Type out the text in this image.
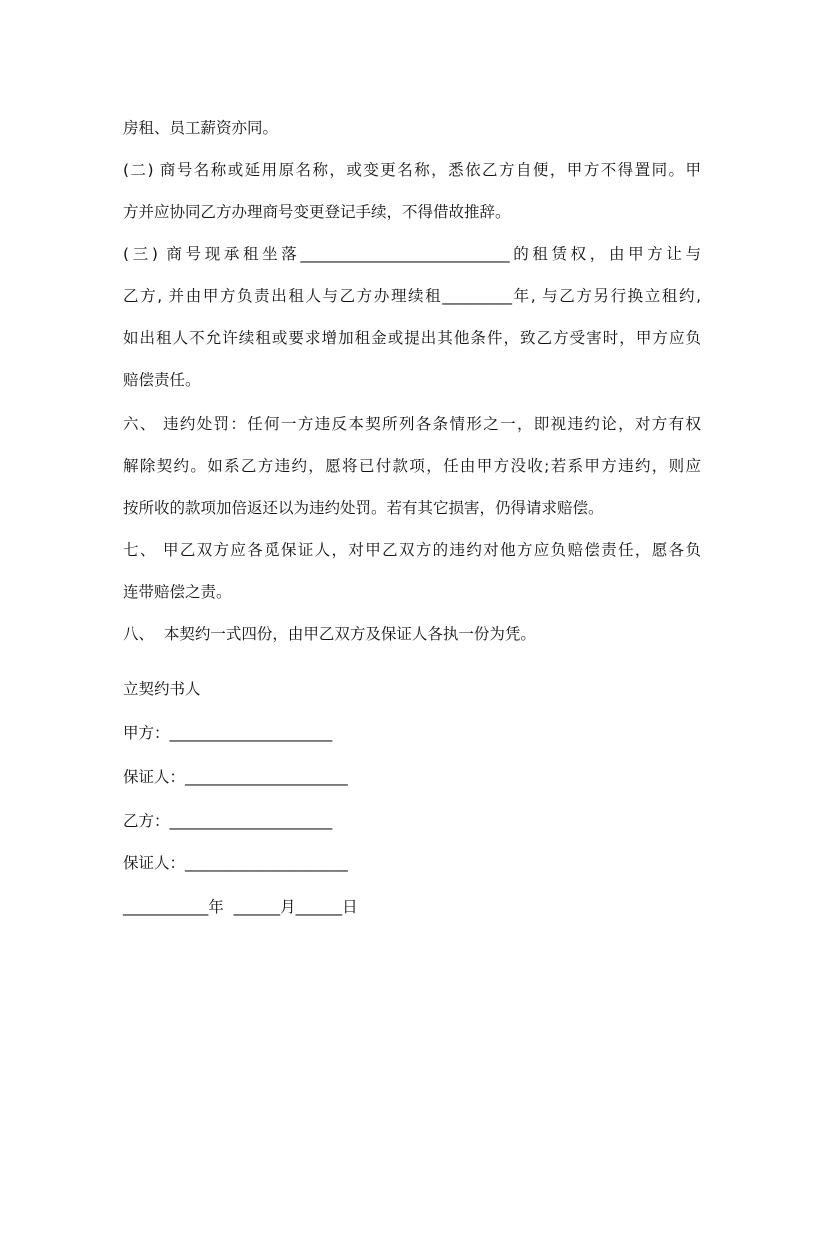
房租、员工薪资亦同。
(二) 商号名称或延用原名称，或变更名称，悉依乙方自便，甲方不得置同。甲
方并应协同乙方办理商号变更登记手续，不得借故推辞。
(三) 商号现承租坐落___________________________的租赁权，由甲方让与
乙方, 并由甲方负责出租人与乙方办理续租_________年, 与乙方另行换立租约,
如出租人不允许续租或要求增加租金或提出其他条件，致乙方受害时，甲方应负
赔偿责任。
六、 违约处罚：任何一方违反本契所列各条情形之一，即视违约论，对方有权
解除契约。如系乙方违约，愿将已付款项，任由甲方没收;若系甲方违约，则应
按所收的款项加倍返还以为违约处罚。若有其它损害，仍得请求赔偿。
七、 甲乙双方应各觅保证人，对甲乙双方的违约对他方应负赔偿责任，愿各负
连带赔偿之责。
八、  本契约一式四份，由甲乙双方及保证人各执一份为凭。
立契约书人
甲方：_____________________
保证人：_____________________
乙方：_____________________
保证人：_____________________
___________年  ______月______日
